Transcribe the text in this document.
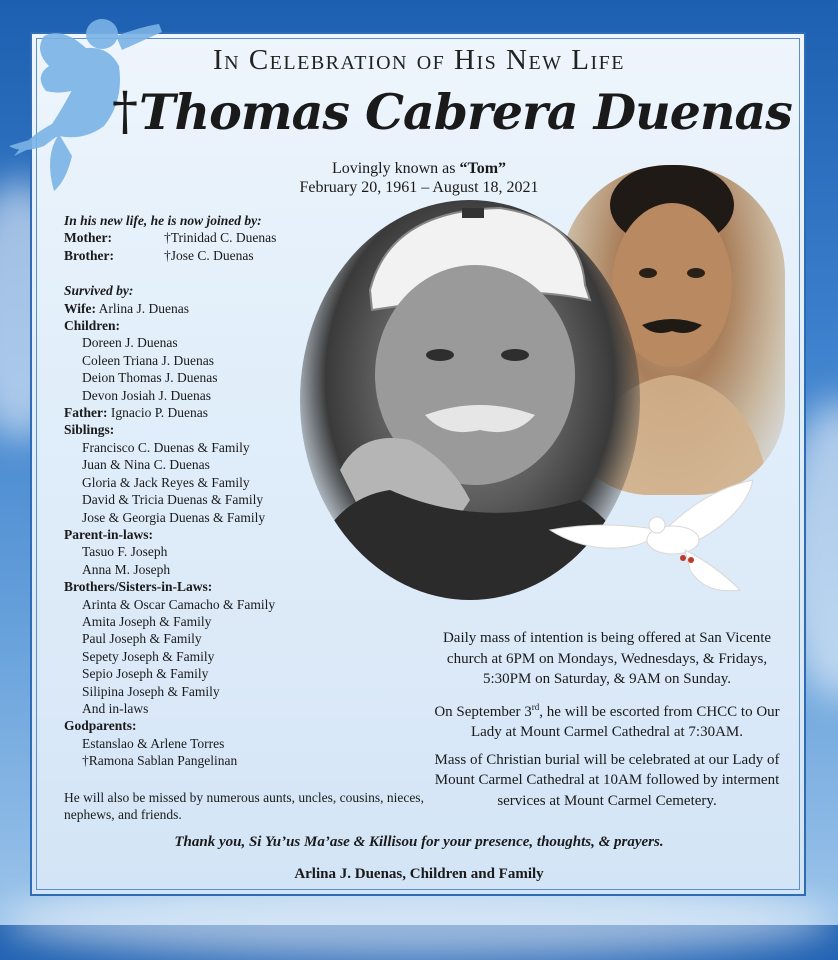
In Celebration of His New Life
†Thomas Cabrera Duenas
Lovingly known as “Tom”
February 20, 1961 – August 18, 2021
In his new life, he is now joined by:
Mother:	†Trinidad C. Duenas
Brother:	†Jose C. Duenas
Survived by:
Wife: Arlina J. Duenas
Children:
Doreen J. Duenas
Coleen Triana J. Duenas
Deion Thomas J. Duenas
Devon Josiah J. Duenas
Father: Ignacio P. Duenas
Siblings:
Francisco C. Duenas & Family
Juan & Nina C. Duenas
Gloria & Jack Reyes & Family
David & Tricia Duenas & Family
Jose & Georgia Duenas & Family
Parent-in-laws:
Tasuo F. Joseph
Anna M. Joseph
Brothers/Sisters-in-Laws:
Arinta & Oscar Camacho & Family
Amita Joseph & Family
Paul Joseph & Family
Sepety Joseph & Family
Sepio Joseph & Family
Silipina Joseph & Family
And in-laws
Godparents:
Estanslao & Arlene Torres
†Ramona Sablan Pangelinan
He will also be missed by numerous aunts, uncles, cousins, nieces, nephews, and friends.

Daily mass of intention is being offered at San Vicente church at 6PM on Mondays, Wednesdays, & Fridays, 5:30PM on Saturday, & 9AM on Sunday.

On September 3rd, he will be escorted from CHCC to Our Lady at Mount Carmel Cathedral at 7:30AM.

Mass of Christian burial will be celebrated at our Lady of Mount Carmel Cathedral at 10AM followed by interment services at Mount Carmel Cemetery.

Thank you, Si Yu’us Ma’ase & Killisou for your presence, thoughts, & prayers.
Arlina J. Duenas, Children and Family
